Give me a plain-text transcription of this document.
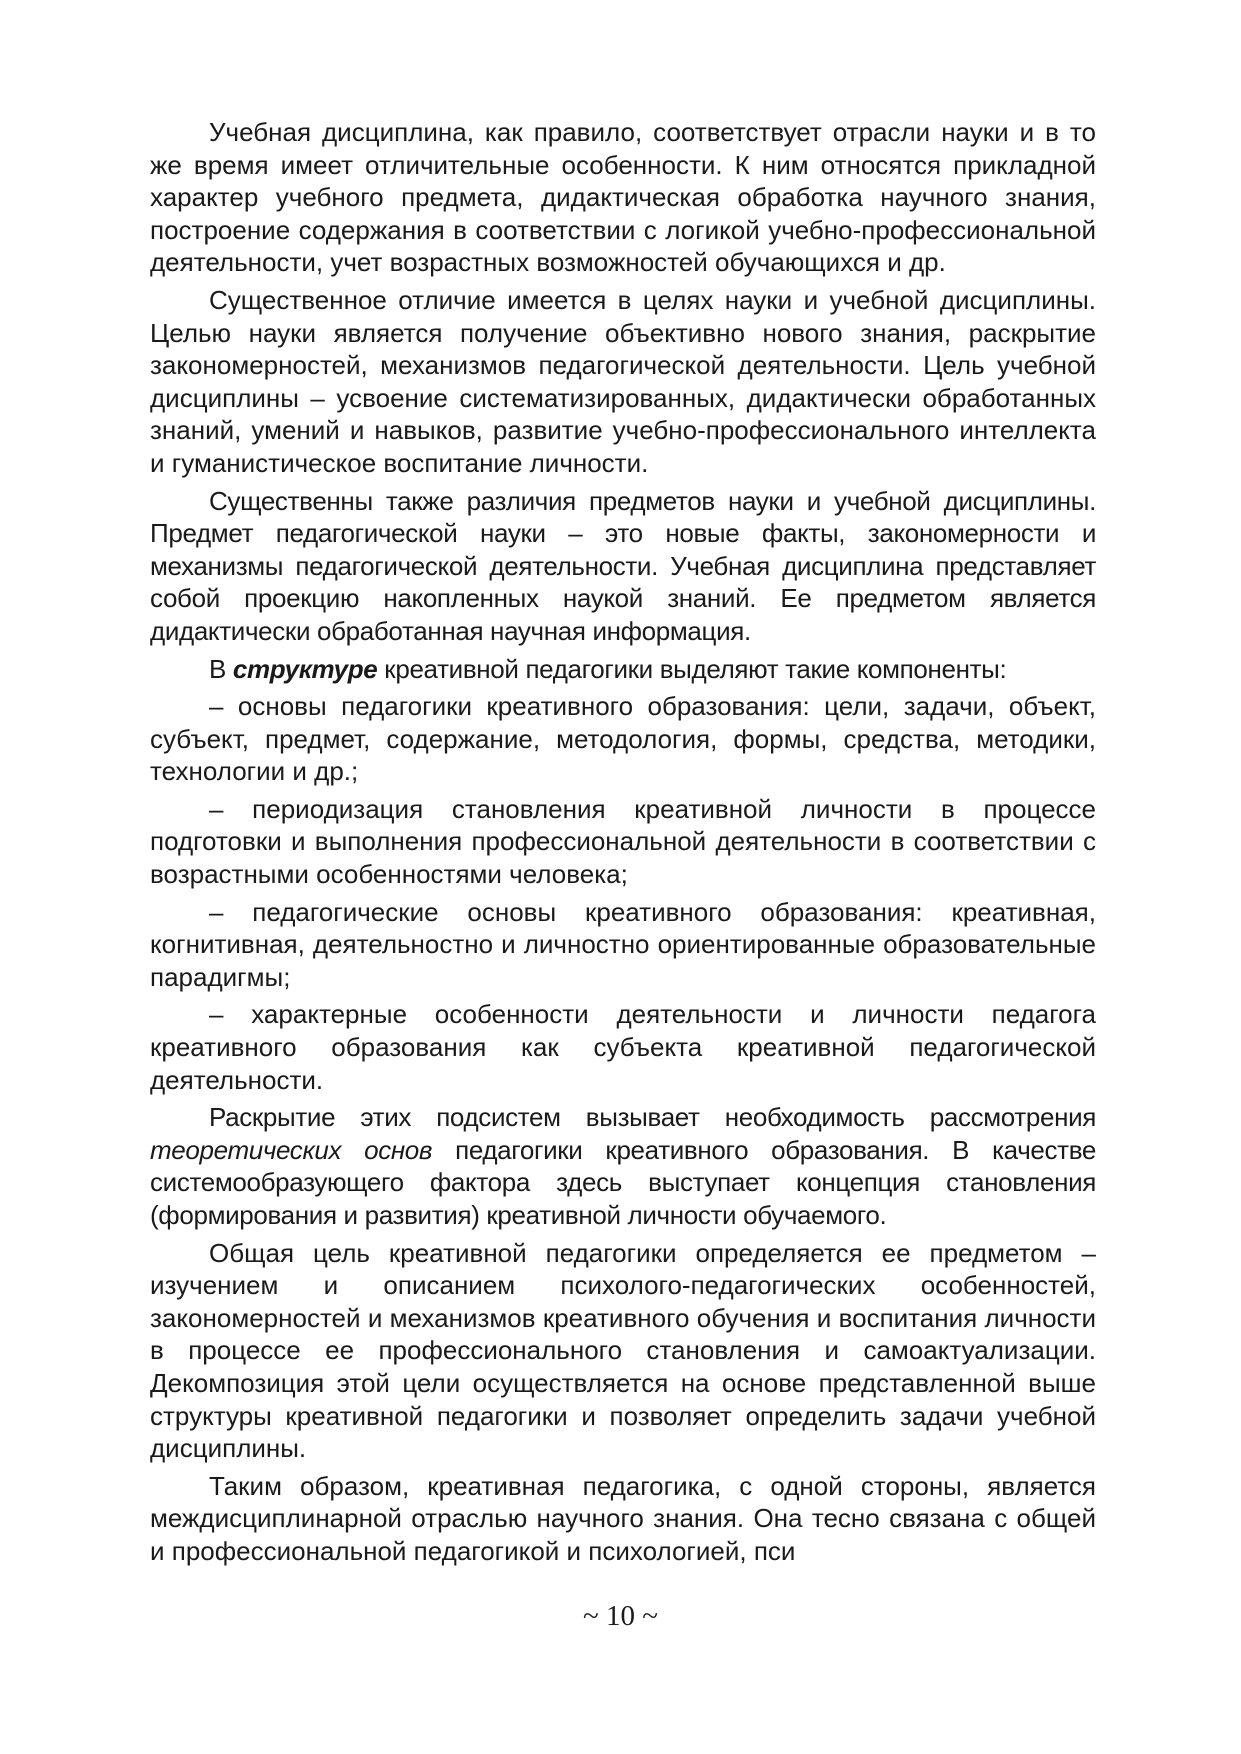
Учебная дисциплина, как правило, соответствует отрасли науки и в то же время имеет отличительные особенности. К ним относятся прикладной характер учебного предмета, дидактическая обработка научного знания, построение содержания в соответствии с логикой учебно-профессиональной деятельности, учет возрастных возможностей обучающихся и др.

Существенное отличие имеется в целях науки и учебной дисциплины. Целью науки является получение объективно нового знания, раскрытие закономерностей, механизмов педагогической деятельности. Цель учебной дисциплины – усвоение систематизированных, дидактически обработанных знаний, умений и навыков, развитие учебно-профессионального интеллекта и гуманистическое воспитание личности.

Существенны также различия предметов науки и учебной дисциплины. Предмет педагогической науки – это новые факты, закономерности и механизмы педагогической деятельности. Учебная дисциплина представляет собой проекцию накопленных наукой знаний. Ее предметом является дидактически обработанная научная информация.

В структуре креативной педагогики выделяют такие компоненты:

– основы педагогики креативного образования: цели, задачи, объект, субъект, предмет, содержание, методология, формы, средства, методики, технологии и др.;

– периодизация становления креативной личности в процессе подготовки и выполнения профессиональной деятельности в соответствии с возрастными особенностями человека;

– педагогические основы креативного образования: креативная, когнитивная, деятельностно и личностно ориентированные образовательные парадигмы;

– характерные особенности деятельности и личности педагога креативного образования как субъекта креативной педагогической деятельности.

Раскрытие этих подсистем вызывает необходимость рассмотрения теоретических основ педагогики креативного образования. В качестве системообразующего фактора здесь выступает концепция становления (формирования и развития) креативной личности обучаемого.

Общая цель креативной педагогики определяется ее предметом – изучением и описанием психолого-педагогических особенностей, закономерностей и механизмов креативного обучения и воспитания личности в процессе ее профессионального становления и самоактуализации. Декомпозиция этой цели осуществляется на основе представленной выше структуры креативной педагогики и позволяет определить задачи учебной дисциплины.

Таким образом, креативная педагогика, с одной стороны, является междисциплинарной отраслью научного знания. Она тесно связана с общей и профессиональной педагогикой и психологией, пси

~ 10 ~
